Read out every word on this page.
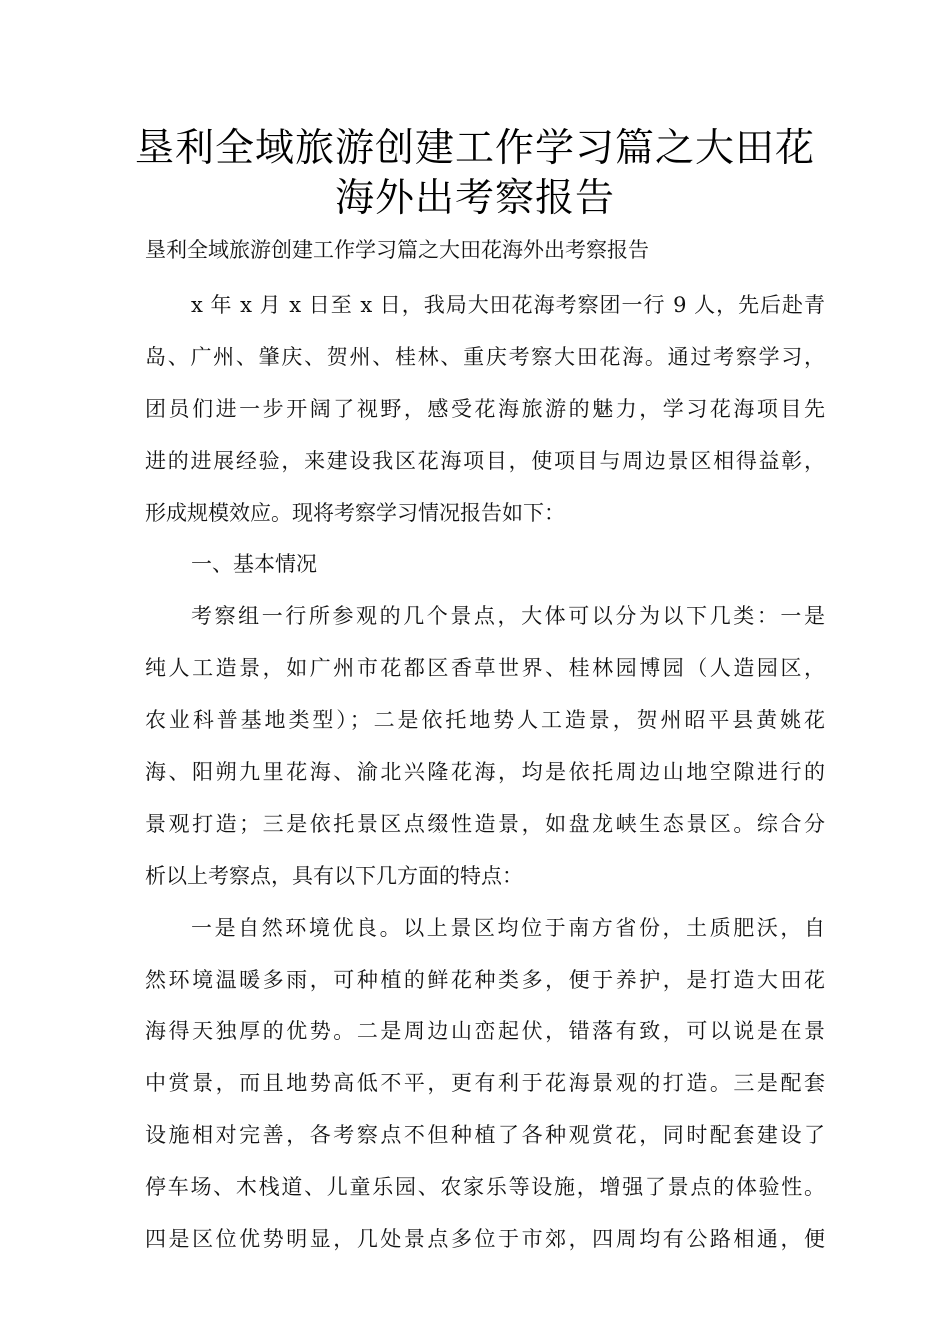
垦利全域旅游创建工作学习篇之大田花
海外出考察报告

垦利全域旅游创建工作学习篇之大田花海外出考察报告

x 年 x 月 x 日至 x 日，我局大田花海考察团一行 9 人，先后赴青
岛、广州、肇庆、贺州、桂林、重庆考察大田花海。通过考察学习，
团员们进一步开阔了视野，感受花海旅游的魅力，学习花海项目先
进的进展经验，来建设我区花海项目，使项目与周边景区相得益彰，
形成规模效应。现将考察学习情况报告如下：
一、基本情况
考察组一行所参观的几个景点，大体可以分为以下几类：一是
纯人工造景，如广州市花都区香草世界、桂林园博园（人造园区，
农业科普基地类型）；二是依托地势人工造景，贺州昭平县黄姚花
海、阳朔九里花海、渝北兴隆花海，均是依托周边山地空隙进行的
景观打造；三是依托景区点缀性造景，如盘龙峡生态景区。综合分
析以上考察点，具有以下几方面的特点：
一是自然环境优良。以上景区均位于南方省份，土质肥沃，自
然环境温暖多雨，可种植的鲜花种类多，便于养护，是打造大田花
海得天独厚的优势。二是周边山峦起伏，错落有致，可以说是在景
中赏景，而且地势高低不平，更有利于花海景观的打造。三是配套
设施相对完善，各考察点不但种植了各种观赏花，同时配套建设了
停车场、木栈道、儿童乐园、农家乐等设施，增强了景点的体验性。
四是区位优势明显，几处景点多位于市郊，四周均有公路相通，便
